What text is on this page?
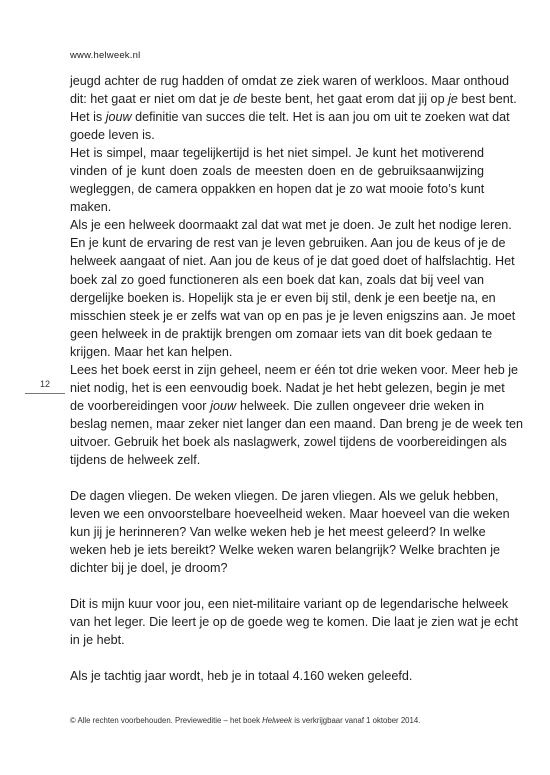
www.helweek.nl
12

jeugd achter de rug hadden of omdat ze ziek waren of werkloos. Maar onthoud
dit: het gaat er niet om dat je de beste bent, het gaat erom dat jij op je best bent.
Het is jouw definitie van succes die telt. Het is aan jou om uit te zoeken wat dat
goede leven is.

Het is simpel, maar tegelijkertijd is het niet simpel. Je kunt het motiverend
vinden of je kunt doen zoals de meesten doen en de gebruiksaanwijzing
wegleggen, de camera oppakken en hopen dat je zo wat mooie foto’s kunt
maken.

Als je een helweek doormaakt zal dat wat met je doen. Je zult het nodige leren.
En je kunt de ervaring de rest van je leven gebruiken. Aan jou de keus of je de
helweek aangaat of niet. Aan jou de keus of je dat goed doet of halfslachtig. Het
boek zal zo goed functioneren als een boek dat kan, zoals dat bij veel van
dergelijke boeken is. Hopelijk sta je er even bij stil, denk je een beetje na, en
misschien steek je er zelfs wat van op en pas je je leven enigszins aan. Je moet
geen helweek in de praktijk brengen om zomaar iets van dit boek gedaan te
krijgen. Maar het kan helpen.

Lees het boek eerst in zijn geheel, neem er één tot drie weken voor. Meer heb je
niet nodig, het is een eenvoudig boek. Nadat je het hebt gelezen, begin je met
de voorbereidingen voor jouw helweek. Die zullen ongeveer drie weken in
beslag nemen, maar zeker niet langer dan een maand. Dan breng je de week ten
uitvoer. Gebruik het boek als naslagwerk, zowel tijdens de voorbereidingen als
tijdens de helweek zelf.

De dagen vliegen. De weken vliegen. De jaren vliegen. Als we geluk hebben,
leven we een onvoorstelbare hoeveelheid weken. Maar hoeveel van die weken
kun jij je herinneren? Van welke weken heb je het meest geleerd? In welke
weken heb je iets bereikt? Welke weken waren belangrijk? Welke brachten je
dichter bij je doel, je droom?

Dit is mijn kuur voor jou, een niet-militaire variant op de legendarische helweek
van het leger. Die leert je op de goede weg te komen. Die laat je zien wat je echt
in je hebt.

Als je tachtig jaar wordt, heb je in totaal 4.160 weken geleefd.

© Alle rechten voorbehouden. Previeweditie – het boek Helweek is verkrijgbaar vanaf 1 oktober 2014.
